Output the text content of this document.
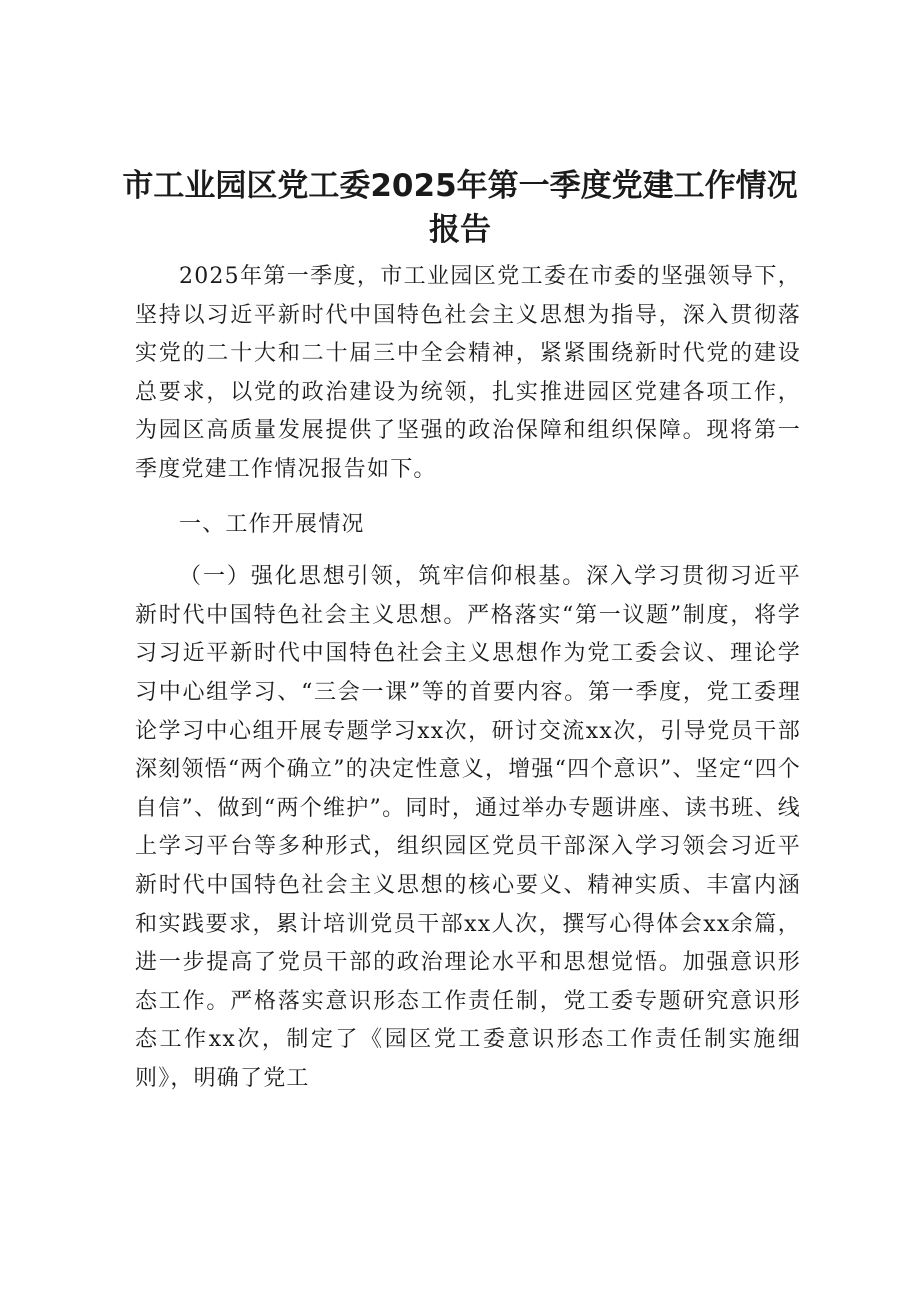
市工业园区党工委2025年第一季度党建工作情况报告

2025年第一季度，市工业园区党工委在市委的坚强领导下，坚持以习近平新时代中国特色社会主义思想为指导，深入贯彻落实党的二十大和二十届三中全会精神，紧紧围绕新时代党的建设总要求，以党的政治建设为统领，扎实推进园区党建各项工作，为园区高质量发展提供了坚强的政治保障和组织保障。现将第一季度党建工作情况报告如下。

一、工作开展情况

（一）强化思想引领，筑牢信仰根基。深入学习贯彻习近平新时代中国特色社会主义思想。严格落实“第一议题”制度，将学习习近平新时代中国特色社会主义思想作为党工委会议、理论学习中心组学习、“三会一课”等的首要内容。第一季度，党工委理论学习中心组开展专题学习xx次，研讨交流xx次，引导党员干部深刻领悟“两个确立”的决定性意义，增强“四个意识”、坚定“四个自信”、做到“两个维护”。同时，通过举办专题讲座、读书班、线上学习平台等多种形式，组织园区党员干部深入学习领会习近平新时代中国特色社会主义思想的核心要义、精神实质、丰富内涵和实践要求，累计培训党员干部xx人次，撰写心得体会xx余篇，进一步提高了党员干部的政治理论水平和思想觉悟。加强意识形态工作。严格落实意识形态工作责任制，党工委专题研究意识形态工作xx次，制定了《园区党工委意识形态工作责任制实施细则》，明确了党工
